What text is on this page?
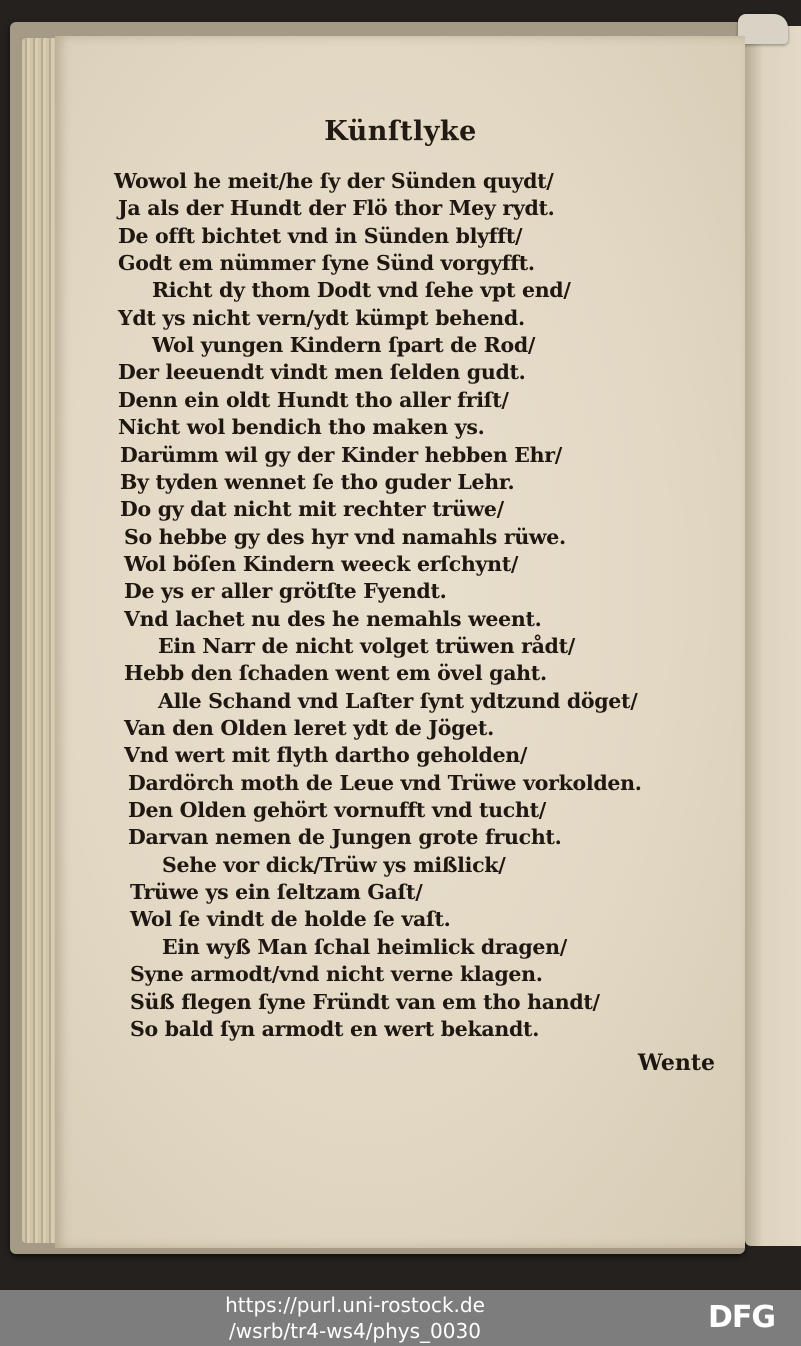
Künſtlyke

Wowol he meit/he ſy der Sünden quydt/

Ja als der Hundt der Flö thor Mey rydt.

De offt bichtet vnd in Sünden blyfft/

Godt em nümmer ſyne Sünd vorgyfft.

Richt dy thom Dodt vnd ſehe vpt end/

Ydt ys nicht vern/ydt kümpt behend.

Wol yungen Kindern ſpart de Rod/

Der leeuendt vindt men ſelden gudt.

Denn ein oldt Hundt tho aller friſt/

Nicht wol bendich tho maken ys.

Darümm wil gy der Kinder hebben Ehr/

By tyden wennet ſe tho guder Lehr.

Do gy dat nicht mit rechter trüwe/

So hebbe gy des hyr vnd namahls rüwe.

Wol böſen Kindern weeck erſchynt/

De ys er aller grötſte Fyendt.

Vnd lachet nu des he nemahls weent.

Ein Narr de nicht volget trüwen rådt/

Hebb den ſchaden went em övel gaht.

Alle Schand vnd Laſter ſynt ydtzund döget/

Van den Olden leret ydt de Jöget.

Vnd wert mit flyth dartho geholden/

Dardörch moth de Leue vnd Trüwe vorkolden.

Den Olden gehört vornufft vnd tucht/

Darvan nemen de Jungen grote frucht.

Sehe vor dick/Trüw ys mißlick/

Trüwe ys ein ſeltzam Gaſt/

Wol ſe vindt de holde ſe vaſt.

Ein wyß Man ſchal heimlick dragen/

Syne armodt/vnd nicht verne klagen.

Süß flegen ſyne Fründt van em tho handt/

So bald ſyn armodt en wert bekandt.

Wente
https://purl.uni-rostock.de
/wsrb/tr4-ws4/phys_0030	DFG
